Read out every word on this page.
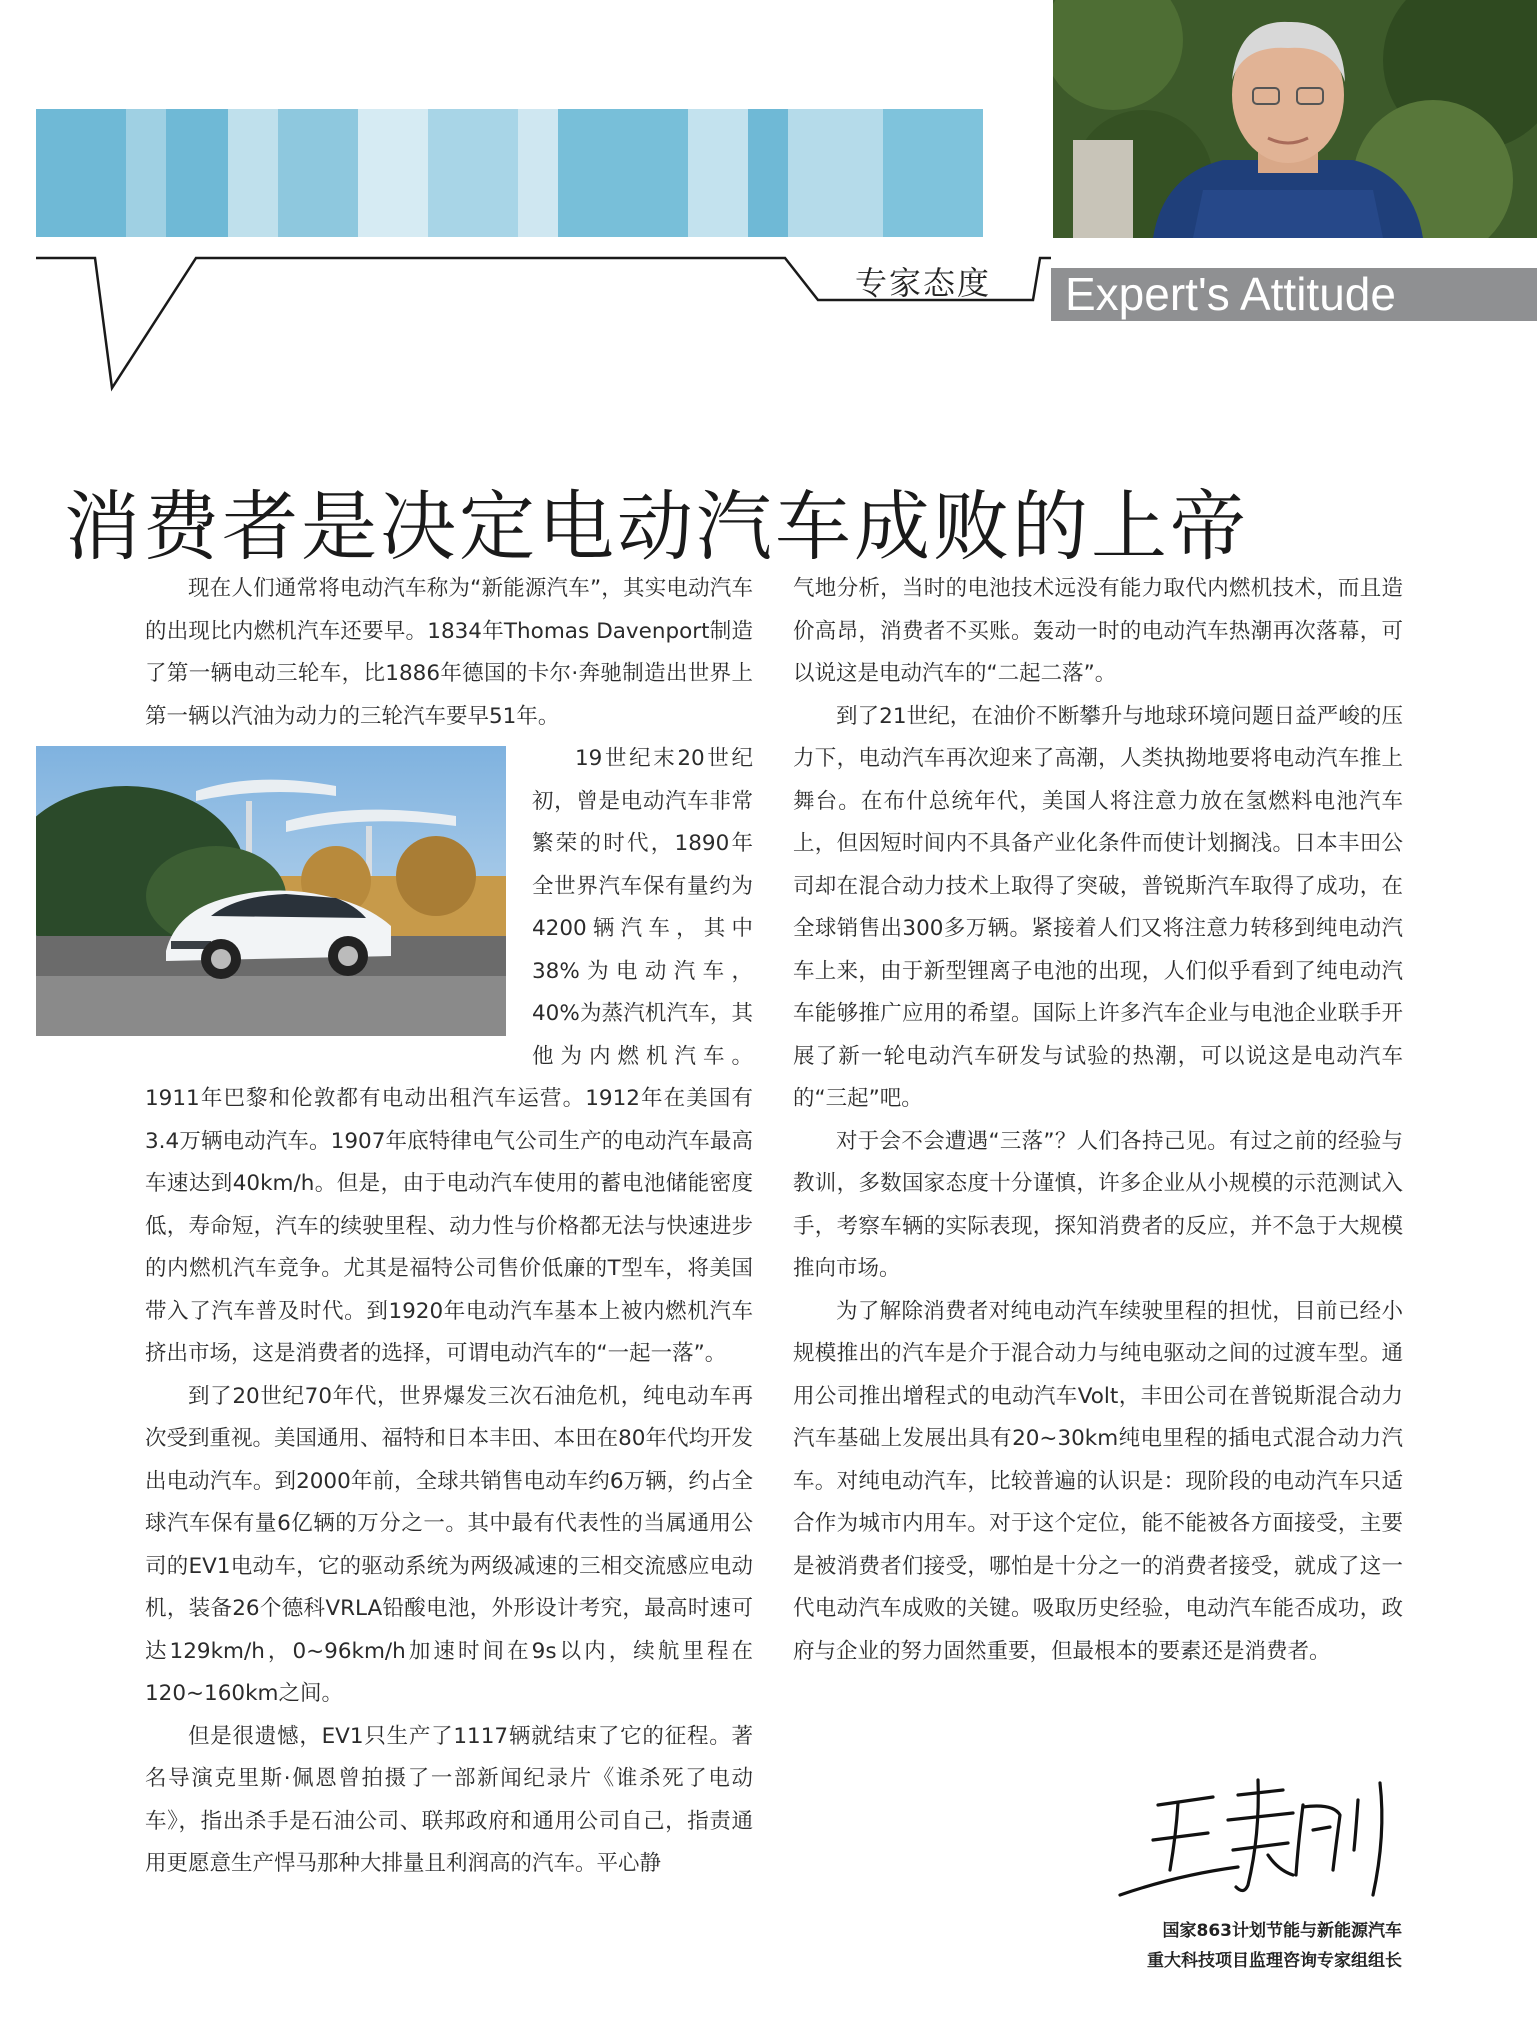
专家态度	Expert's Attitude
消费者是决定电动汽车成败的上帝

现在人们通常将电动汽车称为“新能源汽车”，其实电动汽车的出现比内燃机汽车还要早。1834年Thomas Davenport制造了第一辆电动三轮车，比1886年德国的卡尔·奔驰制造出世界上第一辆以汽油为动力的三轮汽车要早51年。

19世纪末20世纪初，曾是电动汽车非常繁荣的时代，1890年全世界汽车保有量约为4200辆汽车，其中38%为电动汽车，40%为蒸汽机汽车，其他为内燃机汽车。1911年巴黎和伦敦都有电动出租汽车运营。1912年在美国有3.4万辆电动汽车。1907年底特律电气公司生产的电动汽车最高车速达到40km/h。但是，由于电动汽车使用的蓄电池储能密度低，寿命短，汽车的续驶里程、动力性与价格都无法与快速进步的内燃机汽车竞争。尤其是福特公司售价低廉的T型车，将美国带入了汽车普及时代。到1920年电动汽车基本上被内燃机汽车挤出市场，这是消费者的选择，可谓电动汽车的“一起一落”。

到了20世纪70年代，世界爆发三次石油危机，纯电动车再次受到重视。美国通用、福特和日本丰田、本田在80年代均开发出电动汽车。到2000年前，全球共销售电动车约6万辆，约占全球汽车保有量6亿辆的万分之一。其中最有代表性的当属通用公司的EV1电动车，它的驱动系统为两级减速的三相交流感应电动机，装备26个德科VRLA铅酸电池，外形设计考究，最高时速可达129km/h，0~96km/h加速时间在9s以内，续航里程在120~160km之间。

但是很遗憾，EV1只生产了1117辆就结束了它的征程。著名导演克里斯·佩恩曾拍摄了一部新闻纪录片《谁杀死了电动车》，指出杀手是石油公司、联邦政府和通用公司自己，指责通用更愿意生产悍马那种大排量且利润高的汽车。平心静

气地分析，当时的电池技术远没有能力取代内燃机技术，而且造价高昂，消费者不买账。轰动一时的电动汽车热潮再次落幕，可以说这是电动汽车的“二起二落”。

到了21世纪，在油价不断攀升与地球环境问题日益严峻的压力下，电动汽车再次迎来了高潮，人类执拗地要将电动汽车推上舞台。在布什总统年代，美国人将注意力放在氢燃料电池汽车上，但因短时间内不具备产业化条件而使计划搁浅。日本丰田公司却在混合动力技术上取得了突破，普锐斯汽车取得了成功，在全球销售出300多万辆。紧接着人们又将注意力转移到纯电动汽车上来，由于新型锂离子电池的出现，人们似乎看到了纯电动汽车能够推广应用的希望。国际上许多汽车企业与电池企业联手开展了新一轮电动汽车研发与试验的热潮，可以说这是电动汽车的“三起”吧。

对于会不会遭遇“三落”？人们各持己见。有过之前的经验与教训，多数国家态度十分谨慎，许多企业从小规模的示范测试入手，考察车辆的实际表现，探知消费者的反应，并不急于大规模推向市场。

为了解除消费者对纯电动汽车续驶里程的担忧，目前已经小规模推出的汽车是介于混合动力与纯电驱动之间的过渡车型。通用公司推出增程式的电动汽车Volt，丰田公司在普锐斯混合动力汽车基础上发展出具有20~30km纯电里程的插电式混合动力汽车。对纯电动汽车，比较普遍的认识是：现阶段的电动汽车只适合作为城市内用车。对于这个定位，能不能被各方面接受，主要是被消费者们接受，哪怕是十分之一的消费者接受，就成了这一代电动汽车成败的关键。吸取历史经验，电动汽车能否成功，政府与企业的努力固然重要，但最根本的要素还是消费者。

国家863计划节能与新能源汽车
重大科技项目监理咨询专家组组长
